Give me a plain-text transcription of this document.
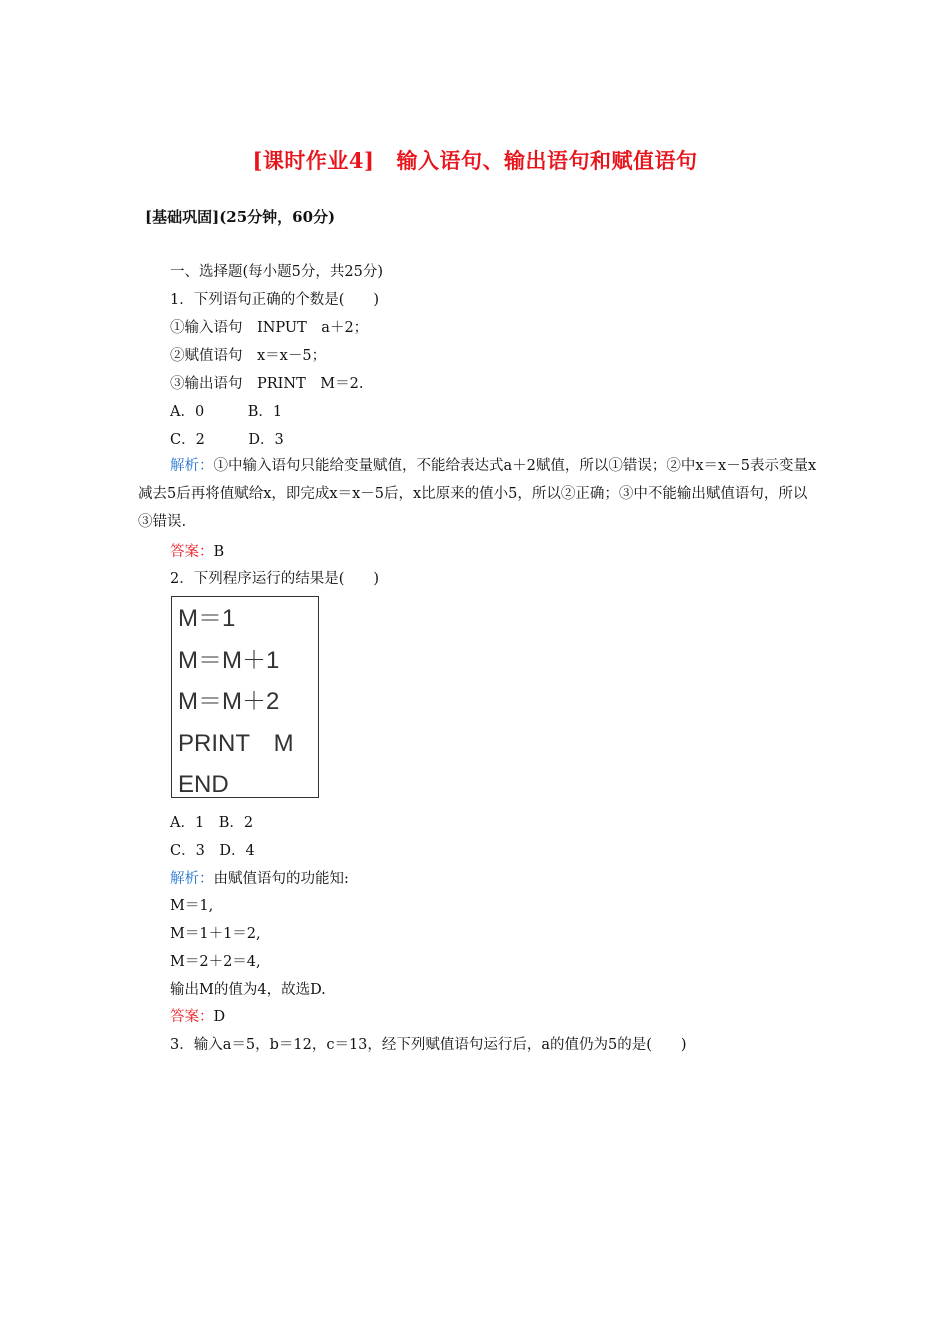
[课时作业4] 输入语句、输出语句和赋值语句
[基础巩固](25分钟，60分)
一、选择题(每小题5分，共25分)
1．下列语句正确的个数是(　　)
①输入语句　INPUT　a＋2；
②赋值语句　x＝x－5；
③输出语句　PRINT　M＝2.
A．0　　　B．1
C．2　　　D．3
解析：①中输入语句只能给变量赋值，不能给表达式a＋2赋值，所以①错误；②中x＝x－5表示变量x减去5后再将值赋给x，即完成x＝x－5后，x比原来的值小5，所以②正确；③中不能输出赋值语句，所以③错误.
答案：B
2．下列程序运行的结果是(　　)
M＝1
M＝M＋1
M＝M＋2
PRINT　M
END
A．1　B．2
C．3　D．4
解析：由赋值语句的功能知:
M＝1,
M＝1＋1＝2,
M＝2＋2＝4,
输出M的值为4，故选D.
答案：D
3．输入a＝5，b＝12，c＝13，经下列赋值语句运行后，a的值仍为5的是(　　)
